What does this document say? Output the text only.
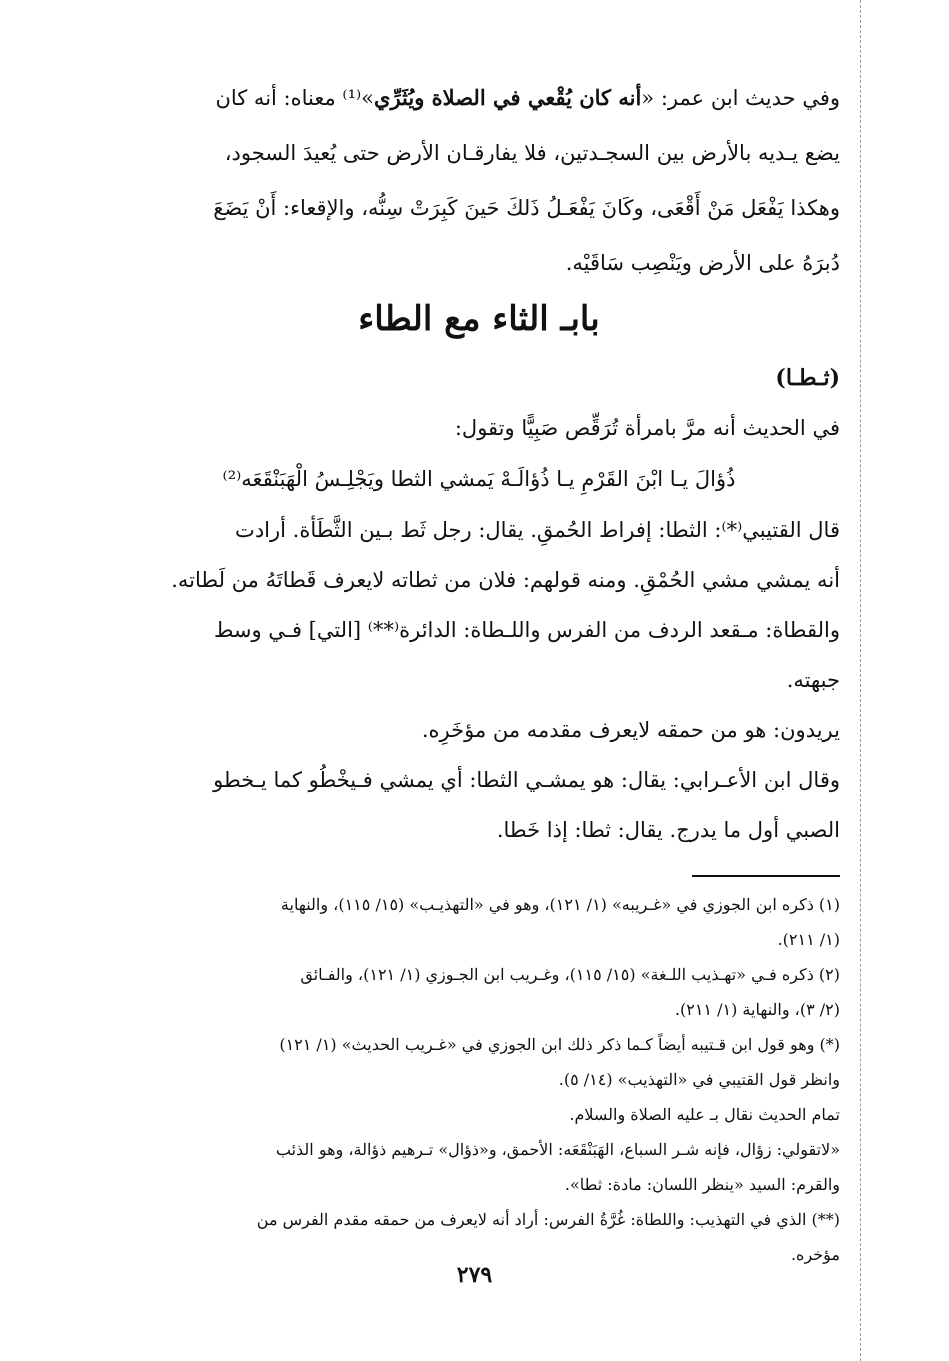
وفي حديث ابن عمر: «أنه كان يُقْعي في الصلاة ويُثَرِّي»⁽¹⁾ معناه: أنه كان

يضع يـديه بالأرض بين السجـدتين، فلا يفارقـان الأرض حتى يُعيدَ السجود،

وهكذا يَفْعَل مَنْ أَقْعَى، وكَانَ يَفْعَـلُ ذَلكَ حَينَ كَبِرَتْ سِنُّه، والإقعاء: أَنْ يَضَعَ

دُبرَهُ على الأرض ويَنْصِب سَاقَيْه.

بابـ الثاء مع الطاء

(ثـطـا)

في الحديث أنه مرَّ بامرأة تُرَقِّص صَبِيًّا وتقول:

ذُؤالَ يـا ابْنَ القَرْمِ يـا ذُؤالَـهْ يَمشي الثطا ويَجْلِـسُ الْهَبَنْقَعَه⁽²⁾

قال القتيبي⁽*⁾: الثطا: إفراط الحُمقِ. يقال: رجل ثَط بـين الثَّطَأة. أرادت

أنه يمشي مشي الحُمْقِ. ومنه قولهم: فلان من ثطاته لايعرف قَطاتَهُ من لَطاته.

والقطاة: مـقعد الردف من الفرس واللـطاة: الدائرة⁽**⁾ [التي] فـي وسط

جبهته.

يريدون: هو من حمقه لايعرف مقدمه من مؤخَرِه.

وقال ابن الأعـرابي: يقال: هو يمشـي الثطا: أي يمشي فـيخْطُو كما يـخطو

الصبي أول ما يدرج. يقال: ثطا: إذا خَطا.

(١) ذكره ابن الجوزي في «غـريبه» (١/ ١٢١)، وهو في «التهذيـب» (١٥/ ١١٥)، والنهاية

(١/ ٢١١).

(٢) ذكره فـي «تهـذيب اللـغة» (١٥/ ١١٥)، وغـريب ابن الجـوزي (١/ ١٢١)، والفـائق

(٢/ ٣)، والنهاية (١/ ٢١١).

(*) وهو قول ابن قـتيبه أيضاً كـما ذكر ذلك ابن الجوزي في «غـريب الحديث» (١/ ١٢١)

وانظر قول القتيبي في «التهذيب» (١٤/ ٥).

تمام الحديث نقال بـ عليه الصلاة والسلام.

«لاتقولي: زؤال، فإنه شـر السباع، الهَبَنْقَعَه: الأحمق، و«ذؤال» تـرهيم ذؤالة، وهو الذئب

والقرم: السيد «ينظر اللسان: مادة: ثطا».

(**) الذي في التهذيب: واللطاة: غُرَّةُ الفرس: أراد أنه لايعرف من حمقه مقدم الفرس من

مؤخره.

٢٧٩
